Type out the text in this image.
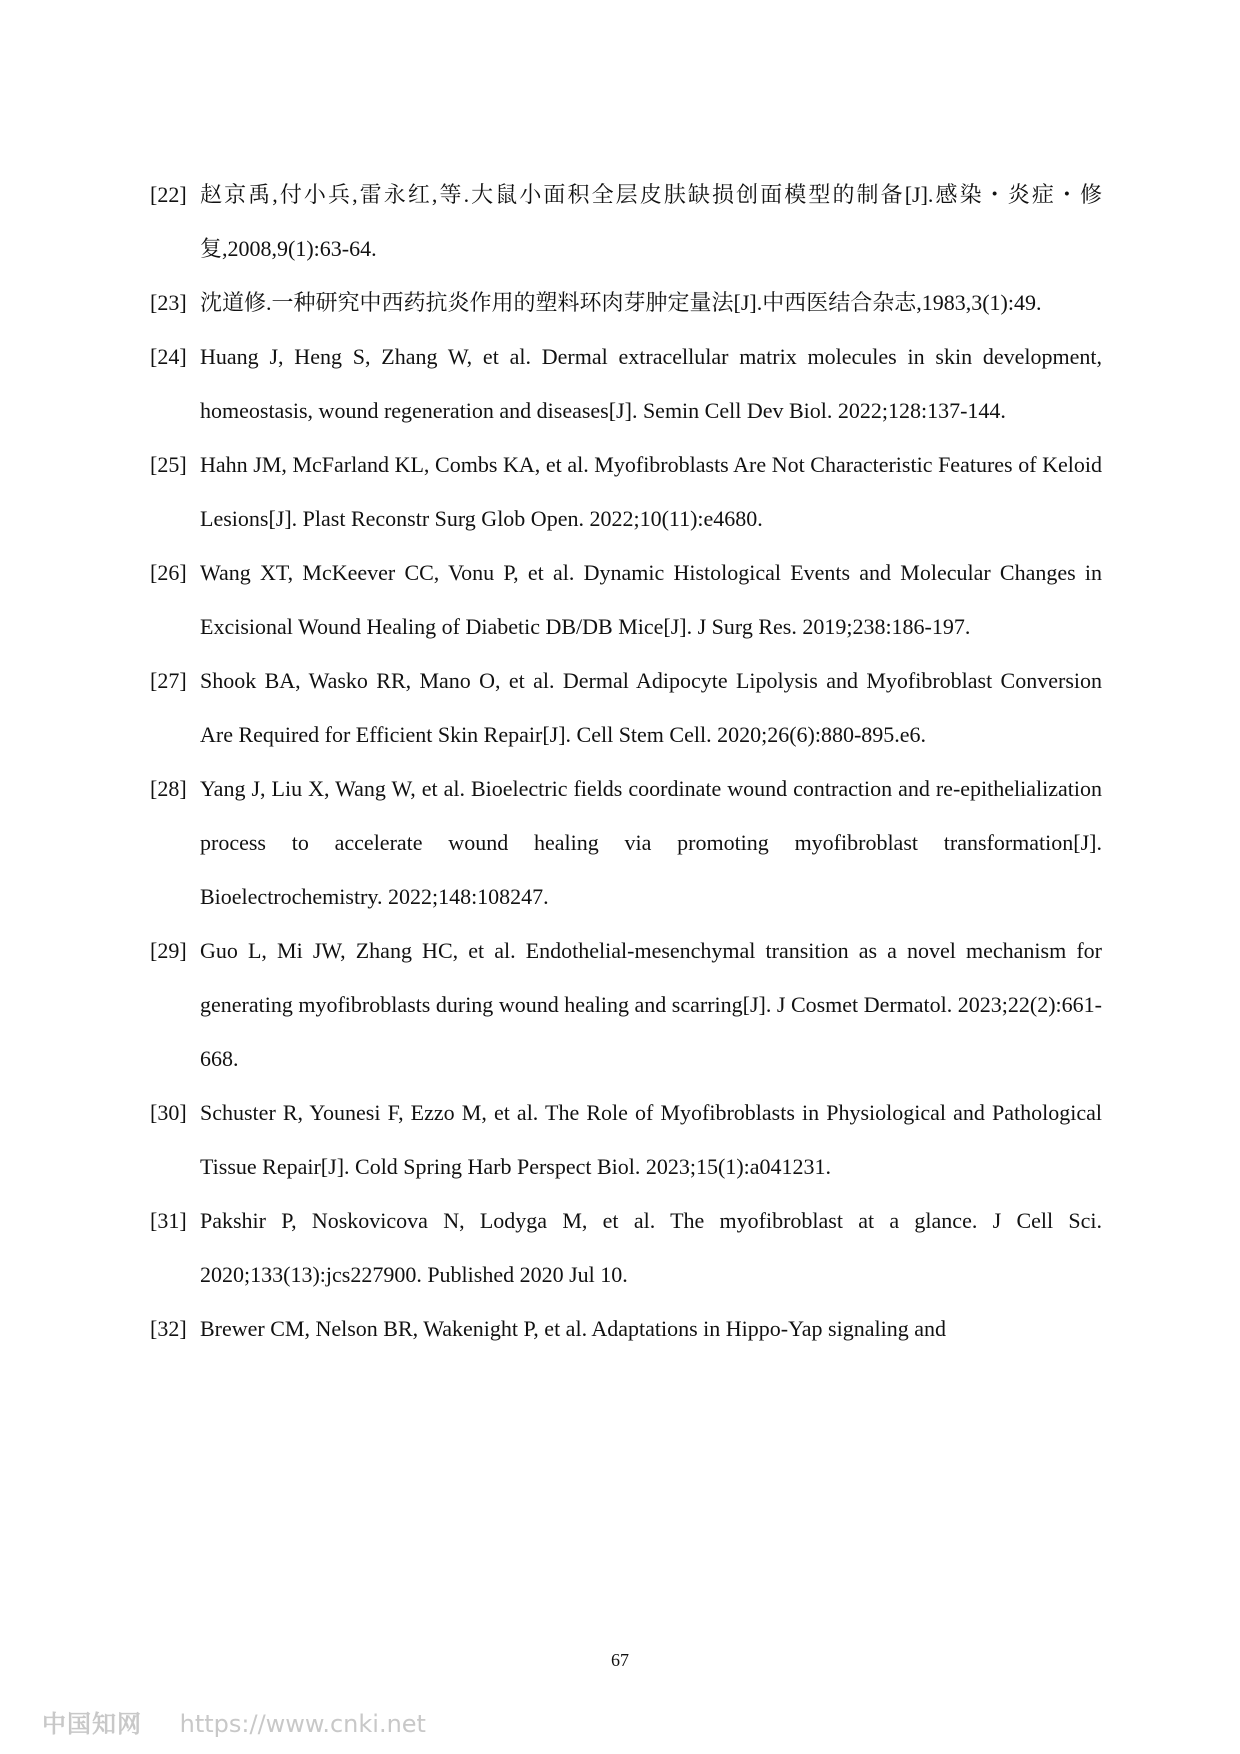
[22] 赵京禹,付小兵,雷永红,等.大鼠小面积全层皮肤缺损创面模型的制备[J].感染・炎症・修复,2008,9(1):63-64.
[23] 沈道修.一种研究中西药抗炎作用的塑料环肉芽肿定量法[J].中西医结合杂志,1983,3(1):49.
[24] Huang J, Heng S, Zhang W, et al. Dermal extracellular matrix molecules in skin development, homeostasis, wound regeneration and diseases[J]. Semin Cell Dev Biol. 2022;128:137-144.
[25] Hahn JM, McFarland KL, Combs KA, et al. Myofibroblasts Are Not Characteristic Features of Keloid Lesions[J]. Plast Reconstr Surg Glob Open. 2022;10(11):e4680.
[26] Wang XT, McKeever CC, Vonu P, et al. Dynamic Histological Events and Molecular Changes in Excisional Wound Healing of Diabetic DB/DB Mice[J]. J Surg Res. 2019;238:186-197.
[27] Shook BA, Wasko RR, Mano O, et al. Dermal Adipocyte Lipolysis and Myofibroblast Conversion Are Required for Efficient Skin Repair[J]. Cell Stem Cell. 2020;26(6):880-895.e6.
[28] Yang J, Liu X, Wang W, et al. Bioelectric fields coordinate wound contraction and re-epithelialization process to accelerate wound healing via promoting myofibroblast transformation[J]. Bioelectrochemistry. 2022;148:108247.
[29] Guo L, Mi JW, Zhang HC, et al. Endothelial-mesenchymal transition as a novel mechanism for generating myofibroblasts during wound healing and scarring[J]. J Cosmet Dermatol. 2023;22(2):661-668.
[30] Schuster R, Younesi F, Ezzo M, et al. The Role of Myofibroblasts in Physiological and Pathological Tissue Repair[J]. Cold Spring Harb Perspect Biol. 2023;15(1):a041231.
[31] Pakshir P, Noskovicova N, Lodyga M, et al. The myofibroblast at a glance. J Cell Sci. 2020;133(13):jcs227900. Published 2020 Jul 10.
[32] Brewer CM, Nelson BR, Wakenight P, et al. Adaptations in Hippo-Yap signaling and
67
中国知网 https://www.cnki.net
